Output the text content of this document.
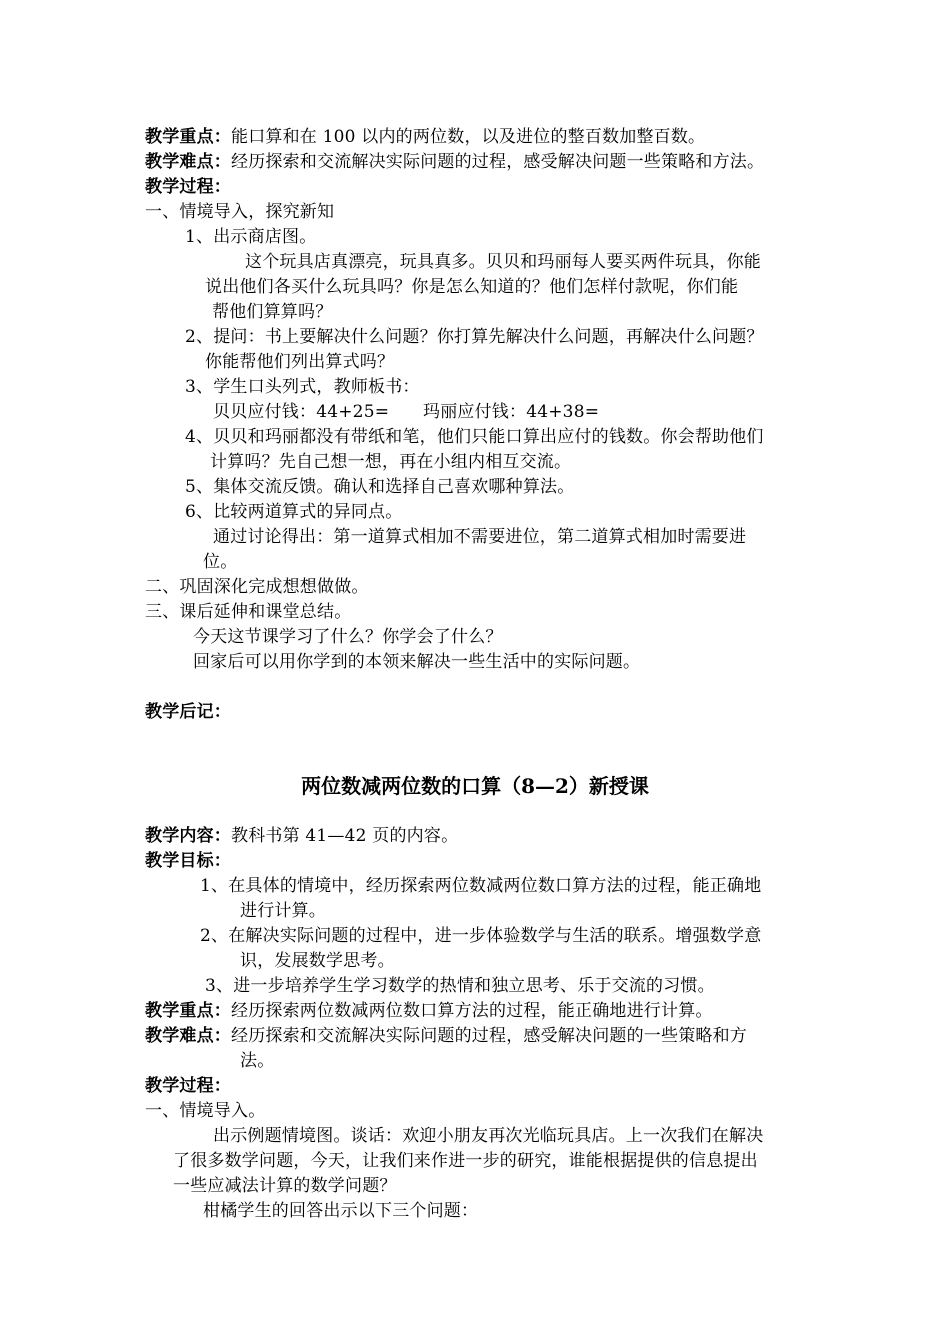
教学重点：能口算和在 100 以内的两位数，以及进位的整百数加整百数。
教学难点：经历探索和交流解决实际问题的过程，感受解决问题一些策略和方法。
教学过程：
一、情境导入，探究新知
1、出示商店图。
这个玩具店真漂亮，玩具真多。贝贝和玛丽每人要买两件玩具，你能
说出他们各买什么玩具吗？你是怎么知道的？他们怎样付款呢，你们能
帮他们算算吗？
2、提问：书上要解决什么问题？你打算先解决什么问题，再解决什么问题？
你能帮他们列出算式吗？
3、学生口头列式，教师板书：
贝贝应付钱：44+25= 玛丽应付钱：44+38=
4、贝贝和玛丽都没有带纸和笔，他们只能口算出应付的钱数。你会帮助他们
计算吗？先自己想一想，再在小组内相互交流。
5、集体交流反馈。确认和选择自己喜欢哪种算法。
6、比较两道算式的异同点。
通过讨论得出：第一道算式相加不需要进位，第二道算式相加时需要进
位。
二、巩固深化完成想想做做。
三、课后延伸和课堂总结。
今天这节课学习了什么？你学会了什么？
回家后可以用你学到的本领来解决一些生活中的实际问题。
教学后记：
两位数减两位数的口算（8—2）新授课
教学内容：教科书第 41—42 页的内容。
教学目标：
1、在具体的情境中，经历探索两位数减两位数口算方法的过程，能正确地
进行计算。
2、在解决实际问题的过程中，进一步体验数学与生活的联系。增强数学意
识，发展数学思考。
3、进一步培养学生学习数学的热情和独立思考、乐于交流的习惯。
教学重点：经历探索两位数减两位数口算方法的过程，能正确地进行计算。
教学难点：经历探索和交流解决实际问题的过程，感受解决问题的一些策略和方
法。
教学过程：
一、情境导入。
出示例题情境图。谈话：欢迎小朋友再次光临玩具店。上一次我们在解决
了很多数学问题，今天，让我们来作进一步的研究，谁能根据提供的信息提出
一些应减法计算的数学问题？
柑橘学生的回答出示以下三个问题：
